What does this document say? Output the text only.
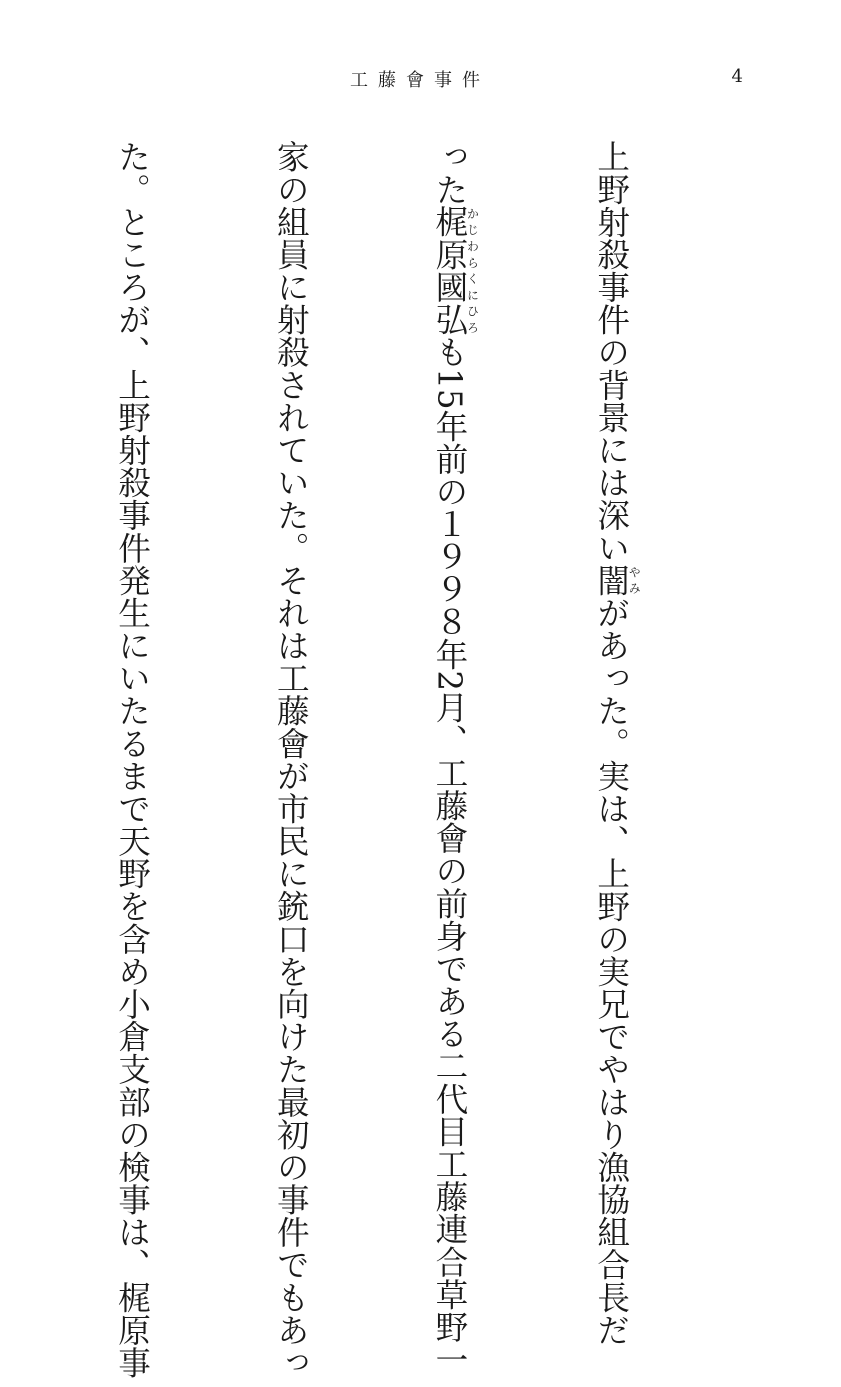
工藤會事件	4

上野射殺事件の背景には深い闇やみがあった。実は、上野の実兄でやはり漁協組合長だ

った梶原國弘かじわらくにひろも15年前の１９９８年2月、工藤會の前身である二代目工藤連合草野一

家の組員に射殺されていた。それは工藤會が市民に銃口を向けた最初の事件でもあっ

た。ところが、上野射殺事件発生にいたるまで天野を含め小倉支部の検事は、梶原事
